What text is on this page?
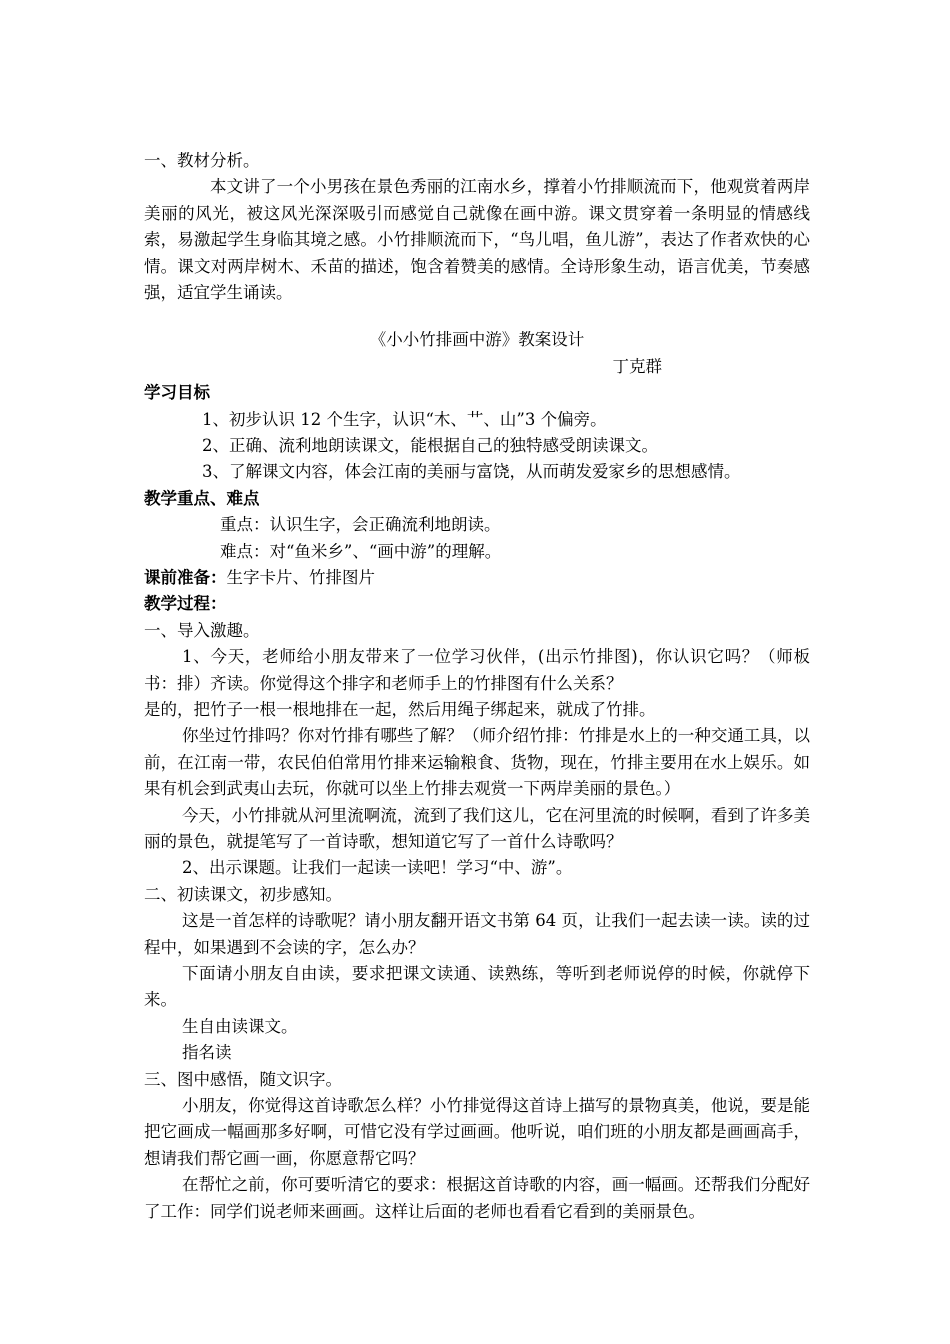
一、教材分析。
本文讲了一个小男孩在景色秀丽的江南水乡，撑着小竹排顺流而下，他观赏着两岸美丽的风光，被这风光深深吸引而感觉自己就像在画中游。课文贯穿着一条明显的情感线索，易激起学生身临其境之感。小竹排顺流而下，“鸟儿唱，鱼儿游”，表达了作者欢快的心情。课文对两岸树木、禾苗的描述，饱含着赞美的感情。全诗形象生动，语言优美，节奏感强，适宜学生诵读。
《小小竹排画中游》教案设计
丁克群
学习目标
1、初步认识 12 个生字，认识“木、艹、山”3 个偏旁。
2、正确、流利地朗读课文，能根据自己的独特感受朗读课文。
3、了解课文内容，体会江南的美丽与富饶，从而萌发爱家乡的思想感情。
教学重点、难点
重点：认识生字，会正确流利地朗读。
难点：对“鱼米乡”、“画中游”的理解。
课前准备：生字卡片、竹排图片
教学过程：
一、导入激趣。
1、今天，老师给小朋友带来了一位学习伙伴，(出示竹排图)，你认识它吗？（师板书：排）齐读。你觉得这个排字和老师手上的竹排图有什么关系？
是的，把竹子一根一根地排在一起，然后用绳子绑起来，就成了竹排。
你坐过竹排吗？你对竹排有哪些了解？（师介绍竹排：竹排是水上的一种交通工具，以前，在江南一带，农民伯伯常用竹排来运输粮食、货物，现在，竹排主要用在水上娱乐。如果有机会到武夷山去玩，你就可以坐上竹排去观赏一下两岸美丽的景色。）
今天，小竹排就从河里流啊流，流到了我们这儿，它在河里流的时候啊，看到了许多美丽的景色，就提笔写了一首诗歌，想知道它写了一首什么诗歌吗？
2、出示课题。让我们一起读一读吧！学习“中、游”。
二、初读课文，初步感知。
这是一首怎样的诗歌呢？请小朋友翻开语文书第 64 页，让我们一起去读一读。读的过程中，如果遇到不会读的字，怎么办？
下面请小朋友自由读，要求把课文读通、读熟练，等听到老师说停的时候，你就停下来。
生自由读课文。
指名读
三、图中感悟，随文识字。
小朋友，你觉得这首诗歌怎么样？小竹排觉得这首诗上描写的景物真美，他说，要是能把它画成一幅画那多好啊，可惜它没有学过画画。他听说，咱们班的小朋友都是画画高手，想请我们帮它画一画，你愿意帮它吗？
在帮忙之前，你可要听清它的要求：根据这首诗歌的内容，画一幅画。还帮我们分配好了工作：同学们说老师来画画。这样让后面的老师也看看它看到的美丽景色。
